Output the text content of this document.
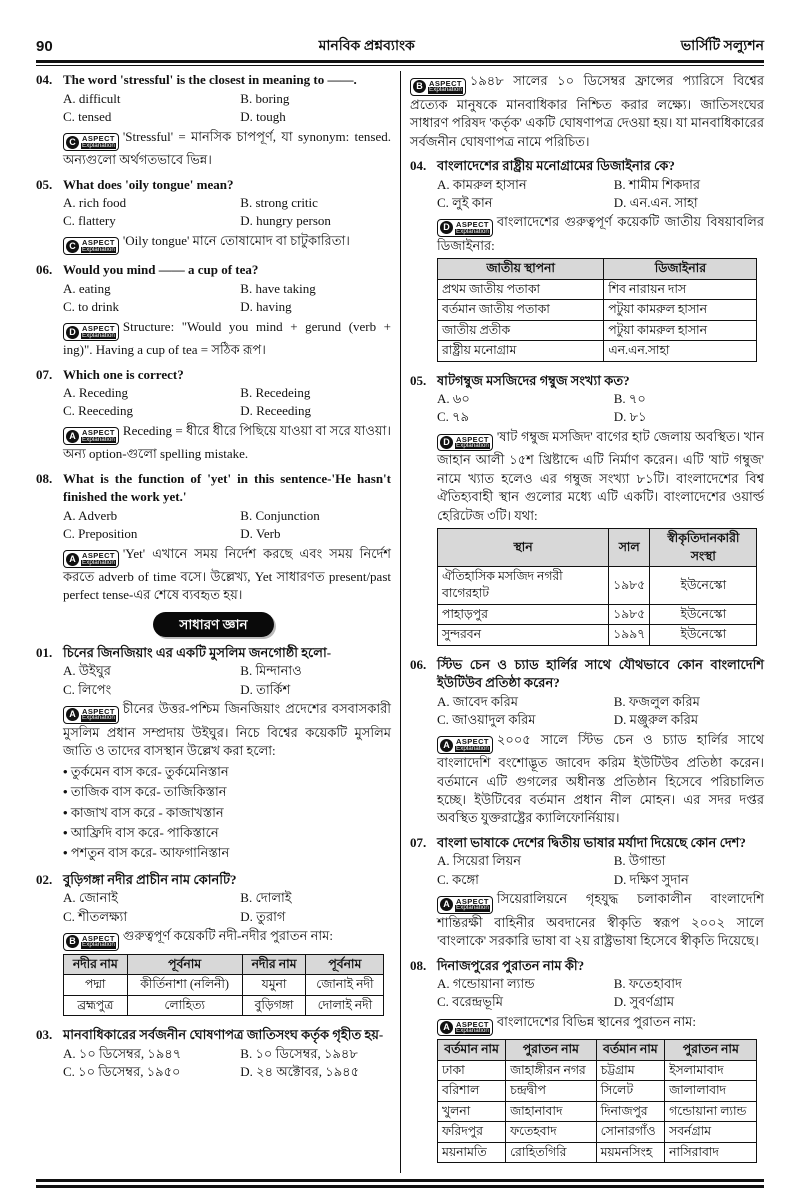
90	মানবিক প্রশ্নব্যাংক	ভার্সিটি সল্যুশন
04. The word 'stressful' is the closest in meaning to ——.
A. difficult	B. boring
C. tensed	D. tough
C ASPECT
Explanation
'Stressful' = মানসিক চাপপূর্ণ, যা synonym: tensed. অন্যগুলো অর্থগতভাবে ভিন্ন।
05. What does 'oily tongue' mean?
A. rich food	B. strong critic
C. flattery	D. hungry person
C ASPECT
Explanation
'Oily tongue' মানে তোষামোদ বা চাটুকারিতা।
06. Would you mind —— a cup of tea?
A. eating	B. have taking
C. to drink	D. having
D ASPECT
Explanation
Structure: "Would you mind + gerund (verb + ing)". Having a cup of tea = সঠিক রূপ।
07. Which one is correct?
A. Receding	B. Recedeing
C. Reeceding	D. Receeding
A ASPECT
Explanation
Receding = ধীরে ধীরে পিছিয়ে যাওয়া বা সরে যাওয়া। অন্য option-গুলো spelling mistake.
08. What is the function of 'yet' in this sentence-'He hasn't finished the work yet.'
A. Adverb	B. Conjunction
C. Preposition	D. Verb
A ASPECT
Explanation
'Yet' এখানে সময় নির্দেশ করছে এবং সময় নির্দেশ করতে adverb of time বসে। উল্লেখ্য, Yet সাধারণত present/past perfect tense-এর শেষে ব্যবহৃত হয়।
সাধারণ জ্ঞান
01. চিনের জিনজিয়াং এর একটি মুসলিম জনগোষ্ঠী হলো-
A. উইঘুর	B. মিন্দানাও
C. লিপেং	D. তার্কিশ
A ASPECT
Explanation
চীনের উত্তর-পশ্চিম জিনজিয়াং প্রদেশের বসবাসকারী মুসলিম প্রধান সম্প্রদায় উইঘুর। নিচে বিশ্বের কয়েকটি মুসলিম জাতি ও তাদের বাসস্থান উল্লেখ করা হলো:
• তুর্কমেন বাস করে- তুর্কমেনিস্তান
• তাজিক বাস করে- তাজিকিস্তান
• কাজাখ বাস করে - কাজাখস্তান
• আফ্রিদি বাস করে- পাকিস্তানে
• পশতুন বাস করে- আফগানিস্তান
02. বুড়িগঙ্গা নদীর প্রাচীন নাম কোনটি?
A. জোনাই	B. দোলাই
C. শীতলক্ষ্যা	D. তুরাগ
B ASPECT
Explanation
গুরুত্বপূর্ণ কয়েকটি নদী-নদীর পুরাতন নাম:
নদীর নাম	পূর্বনাম	নদীর নাম	পূর্বনাম
পদ্মা	কীর্তিনাশা (নলিনী)	যমুনা	জোনাই নদী
ব্রহ্মপুত্র	লোহিত্য	বুড়িগঙ্গা	দোলাই নদী
03. মানবাধিকারের সর্বজনীন ঘোষণাপত্র জাতিসংঘ কর্তৃক গৃহীত হয়-
A. ১০ ডিসেম্বর, ১৯৪৭	B. ১০ ডিসেম্বর, ১৯৪৮
C. ১০ ডিসেম্বর, ১৯৫০	D. ২৪ অক্টোবর, ১৯৪৫
B ASPECT
Explanation
১৯৪৮ সালের ১০ ডিসেম্বর ফ্রান্সের প্যারিসে বিশ্বের প্রত্যেক মানুষকে মানবাধিকার নিশ্চিত করার লক্ষ্যে। জাতিসংঘের সাধারণ পরিষদ 'কর্তৃক' একটি ঘোষণাপত্র দেওয়া হয়। যা মানবাধিকারের সর্বজনীন ঘোষণাপত্র নামে পরিচিত।
04. বাংলাদেশের রাষ্ট্রীয় মনোগ্রামের ডিজাইনার কে?
A. কামরুল হাসান	B. শামীম শিকদার
C. লুই কান	D. এন.এন. সাহা
D ASPECT
Explanation
বাংলাদেশের গুরুত্বপূর্ণ কয়েকটি জাতীয় বিষয়াবলির ডিজাইনার:
জাতীয় স্থাপনা	ডিজাইনার
প্রথম জাতীয় পতাকা	শিব নারায়ন দাস
বর্তমান জাতীয় পতাকা	পটুয়া কামরুল হাসান
জাতীয় প্রতীক	পটুয়া কামরুল হাসান
রাষ্ট্রীয় মনোগ্রাম	এন.এন.সাহা
05. ষাটগম্বুজ মসজিদের গম্বুজ সংখ্যা কত?
A. ৬০	B. ৭০
C. ৭৯	D. ৮১
D ASPECT
Explanation
'ষাট গম্বুজ মসজিদ' বাগের হাট জেলায় অবস্থিত। খান জাহান আলী ১৫শ খ্রিষ্টাব্দে এটি নির্মাণ করেন। এটি 'ষাট গম্বুজ' নামে খ্যাত হলেও এর গম্বুজ সংখ্যা ৮১টি। বাংলাদেশের বিশ্ব ঐতিহ্যবাহী স্থান গুলোর মধ্যে এটি একটি। বাংলাদেশের ওয়ার্ল্ড হেরিটেজ ৩টি। যথা:
স্থান	সাল	স্বীকৃতিদানকারী সংস্থা
ঐতিহাসিক মসজিদ নগরী বাগেরহাট	১৯৮৫	ইউনেস্কো
পাহাড়পুর	১৯৮৫	ইউনেস্কো
সুন্দরবন	১৯৯৭	ইউনেস্কো
06. স্টিভ চেন ও চ্যাড হার্লির সাথে যৌথভাবে কোন বাংলাদেশি ইউটিউব প্রতিষ্ঠা করেন?
A. জাবেদ করিম	B. ফজলুল করিম
C. জাওয়াদুল করিম	D. মঞ্জুরুল করিম
A ASPECT
Explanation
২০০৫ সালে স্টিভ চেন ও চ্যাড হার্লির সাথে বাংলাদেশি বংশোদ্ভূত জাবেদ করিম ইউটিউব প্রতিষ্ঠা করেন। বর্তমানে এটি গুগলের অধীনস্ত প্রতিষ্ঠান হিসেবে পরিচালিত হচ্ছে। ইউটিবের বর্তমান প্রধান নীল মোহন। এর সদর দপ্তর অবস্থিত যুক্তরাষ্ট্রের ক্যালিফোর্নিয়ায়।
07. বাংলা ভাষাকে দেশের দ্বিতীয় ভাষার মর্যাদা দিয়েছে কোন দেশ?
A. সিয়েরা লিয়ন	B. উগান্ডা
C. কঙ্গো	D. দক্ষিণ সুদান
A ASPECT
Explanation
সিয়েরালিয়নে গৃহযুদ্ধ চলাকালীন বাংলাদেশি শান্তিরক্ষী বাহিনীর অবদানের স্বীকৃতি স্বরূপ ২০০২ সালে 'বাংলাকে' সরকারি ভাষা বা ২য় রাষ্ট্রভাষা হিসেবে স্বীকৃতি দিয়েছে।
08. দিনাজপুরের পুরাতন নাম কী?
A. গন্ডোয়ানা ল্যান্ড	B. ফতেহাবাদ
C. বরেন্দ্রভূমি	D. সুবর্ণগ্রাম
A ASPECT
Explanation
বাংলাদেশের বিভিন্ন স্থানের পুরাতন নাম:
বর্তমান নাম	পুরাতন নাম	বর্তমান নাম	পুরাতন নাম
ঢাকা	জাহাঙ্গীরন নগর	চট্টগ্রাম	ইসলামাবাদ
বরিশাল	চন্দ্রদ্বীপ	সিলেট	জালালাবাদ
খুলনা	জাহানাবাদ	দিনাজপুর	গন্ডোয়ানা ল্যান্ড
ফরিদপুর	ফতেহবাদ	সোনারগাঁও	সবর্নগ্রাম
ময়নামতি	রোহিতগিরি	ময়মনসিংহ	নাসিরাবাদ
